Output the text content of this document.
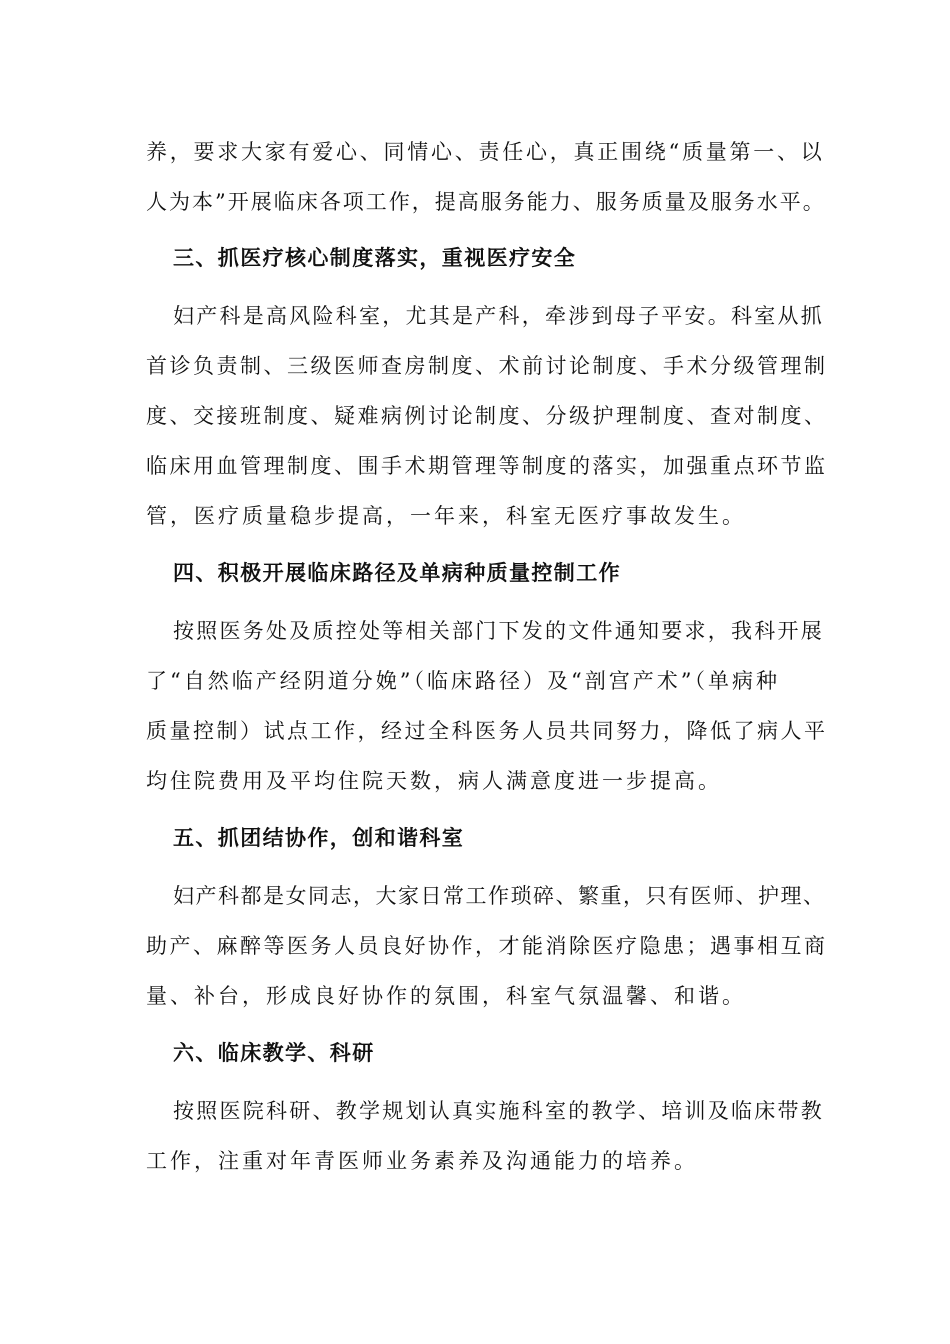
养，要求大家有爱心、同情心、责任心，真正围绕“质量第一、以
人为本”开展临床各项工作，提高服务能力、服务质量及服务水平。
三、抓医疗核心制度落实，重视医疗安全
妇产科是高风险科室，尤其是产科，牵涉到母子平安。科室从抓
首诊负责制、三级医师查房制度、术前讨论制度、手术分级管理制
度、交接班制度、疑难病例讨论制度、分级护理制度、查对制度、
临床用血管理制度、围手术期管理等制度的落实，加强重点环节监
管，医疗质量稳步提高，一年来，科室无医疗事故发生。
四、积极开展临床路径及单病种质量控制工作
按照医务处及质控处等相关部门下发的文件通知要求，我科开展
了“自然临产经阴道分娩”（临床路径）及“剖宫产术”（单病种
质量控制）试点工作，经过全科医务人员共同努力，降低了病人平
均住院费用及平均住院天数，病人满意度进一步提高。
五、抓团结协作，创和谐科室
妇产科都是女同志，大家日常工作琐碎、繁重，只有医师、护理、
助产、麻醉等医务人员良好协作，才能消除医疗隐患；遇事相互商
量、补台，形成良好协作的氛围，科室气氛温馨、和谐。
六、临床教学、科研
按照医院科研、教学规划认真实施科室的教学、培训及临床带教
工作，注重对年青医师业务素养及沟通能力的培养。
